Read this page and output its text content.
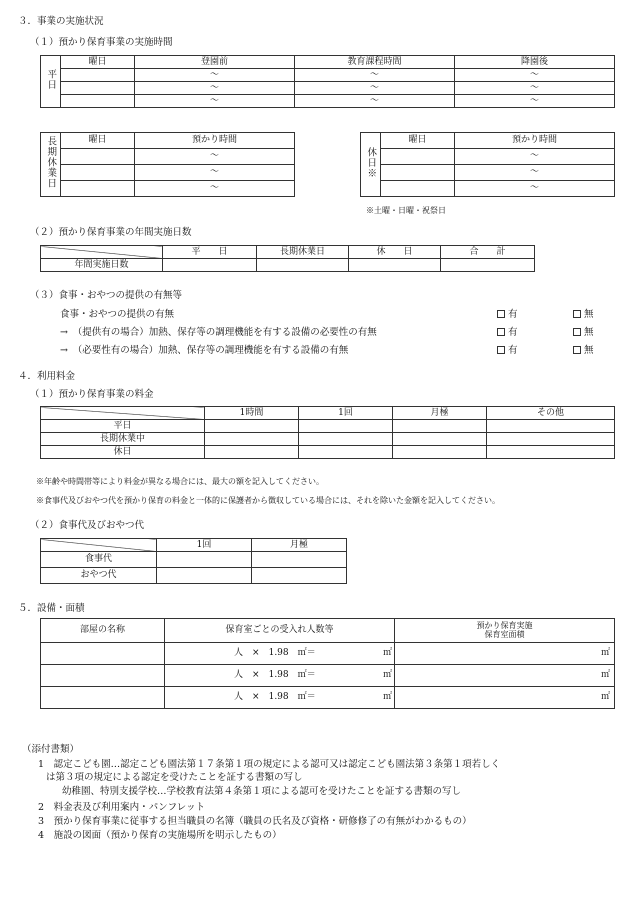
３．事業の実施状況
（１）預かり保育事業の実施時間
平日	曜日	登園前	教育課程時間	降園後
		～	～	～
		～	～	～
		～	～	～
長期休業日	曜日	預かり時間
		～
		～
		～
休日※	曜日	預かり時間
		～
		～
		～
※土曜・日曜・祝祭日
（２）預かり保育事業の年間実施日数
	平　　日	長期休業日	休　　日	合　　計
年間実施日数				
（３）食事・おやつの提供の有無等
食事・おやつの提供の有無	有	無
→　（提供有の場合）加熱、保存等の調理機能を有する設備の必要性の有無	有	無
→　（必要性有の場合）加熱、保存等の調理機能を有する設備の有無	有	無
４．利用料金
（１）預かり保育事業の料金
	1時間	1回	月極	その他
平日				
長期休業中				
休日				
※年齢や時間帯等により料金が異なる場合には、最大の額を記入してください。
※食事代及びおやつ代を預かり保育の料金と一体的に保護者から徴収している場合には、それを除いた金額を記入してください。
（２）食事代及びおやつ代
	1回	月極
食事代		
おやつ代		
５．設備・面積
部屋の名称	保育室ごとの受入れ人数等	預かり保育実施
保育室面積

	人　 ×　 1.98　 ㎡＝ ㎡	㎡
	人　 ×　 1.98　 ㎡＝ ㎡	㎡
	人　 ×　 1.98　 ㎡＝ ㎡	㎡
（添付書類）
1　 認定こども園…認定こども園法第１７条第１項の規定による認可又は認定こども園法第３条第１項若しく
は第３項の規定による認定を受けたことを証する書類の写し
幼稚園、特別支援学校…学校教育法第４条第１項による認可を受けたことを証する書類の写し
2　 料金表及び利用案内・パンフレット
3　 預かり保育事業に従事する担当職員の名簿（職員の氏名及び資格・研修修了の有無がわかるもの）
4　 施設の図面（預かり保育の実施場所を明示したもの）
